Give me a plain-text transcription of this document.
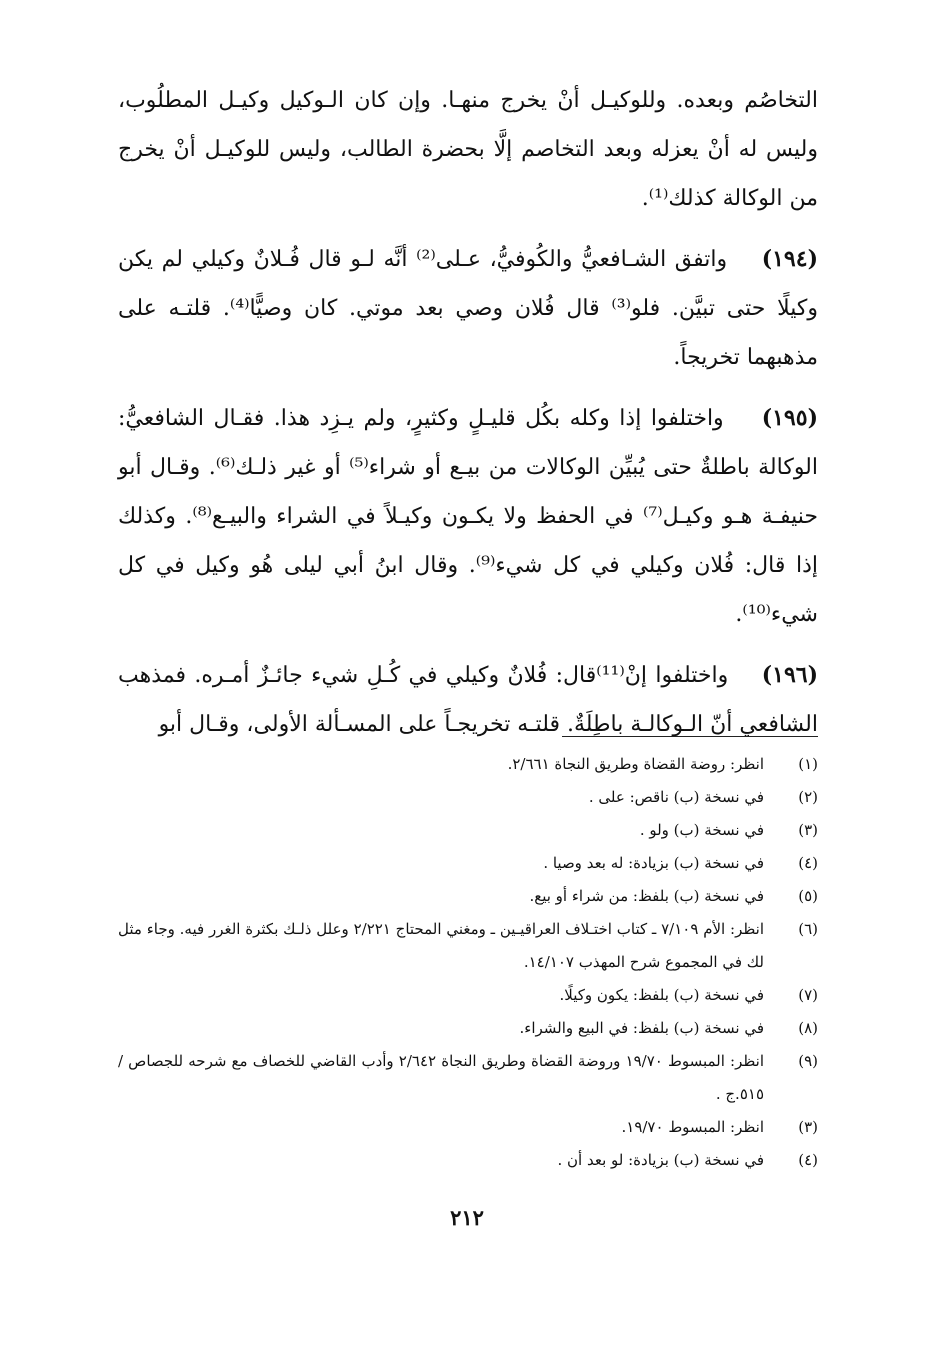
التخاصُم وبعده. وللوكيـل أنْ يخرج منهـا. وإن كان الـوكيل وكيـل المطلُوب، وليس له أنْ يعزله وبعد التخاصم إلَّا بحضرة الطالب، وليس للوكيـل أنْ يخرج من الوكالة كذلك⁽¹⁾.

(١٩٤)    واتفق الشـافعيُّ والكُوفيُّ، عـلى⁽²⁾ أنَّه لـو قال فُـلانٌ وكيلي لم يكن وكيلًا حتى تبيَّن. فلو⁽³⁾ قال فُلان وصي بعد موتي. كان وصيًّا⁽⁴⁾. قلتـه على مذهبهما تخريجاً.

(١٩٥)    واختلفوا إذا وكله بكُل قليـلٍ وكثيرٍ، ولم يـزِد هذا. فقـال الشافعيُّ: الوكالة باطلةٌ حتى يُبيِّن الوكالات من بيـع أو شراء⁽⁵⁾ أو غير ذلـك⁽⁶⁾. وقـال أبو حنيفـة هـو وكيـل⁽⁷⁾ في الحفظ ولا يكـون وكيـلاً في الشراء والبيـع⁽⁸⁾. وكذلك إذا قال: فُلان وكيلي في كل شيء⁽⁹⁾. وقال ابنُ أبي ليلى هُو وكيل في كل شيء⁽¹⁰⁾.

(١٩٦)    واختلفوا إنْ⁽¹¹⁾قال: فُلانٌ وكيلي في كُـلِ شيء جائـزٌ أمـره. فمذهب الشافعي أنّ الـوكالـة باطِلَةٌ. قلتـه تخريجـاً على المسـألة الأولى، وقـال أبو

(١)
انظر: روضة القضاة وطريق النجاة ٢/٦٦١.
(٢)
في نسخة (ب) ناقص: على .
(٣)
في نسخة (ب) ولو .
(٤)
في نسخة (ب) بزيادة: له بعد وصيا .
(٥)
في نسخة (ب) بلفظ: من شراء أو بيع.
(٦)
انظر: الأم ٧/١٠٩ ـ كتاب اختـلاف العراقيـين ـ ومغني المحتاج ٢/٢٢١ وعلل ذلـك بكثرة الغرر فيه. وجاء مثل لك في المجموع شرح المهذب ١٤/١٠٧.
(٧)
في نسخة (ب) بلفظ: يكون وكيلًا.
(٨)
في نسخة (ب) بلفظ: في البيع والشراء.
(٩)
انظر: المبسوط ١٩/٧٠ وروضة القضاة وطريق النجاة ٢/٦٤٢ وأدب القاضي للخصاف مع شرحه للجصاص /٥١٥.ج .
(٣)
انظر: المبسوط ١٩/٧٠.
(٤)
في نسخة (ب) بزيادة: لو بعد أن .
٢١٢
